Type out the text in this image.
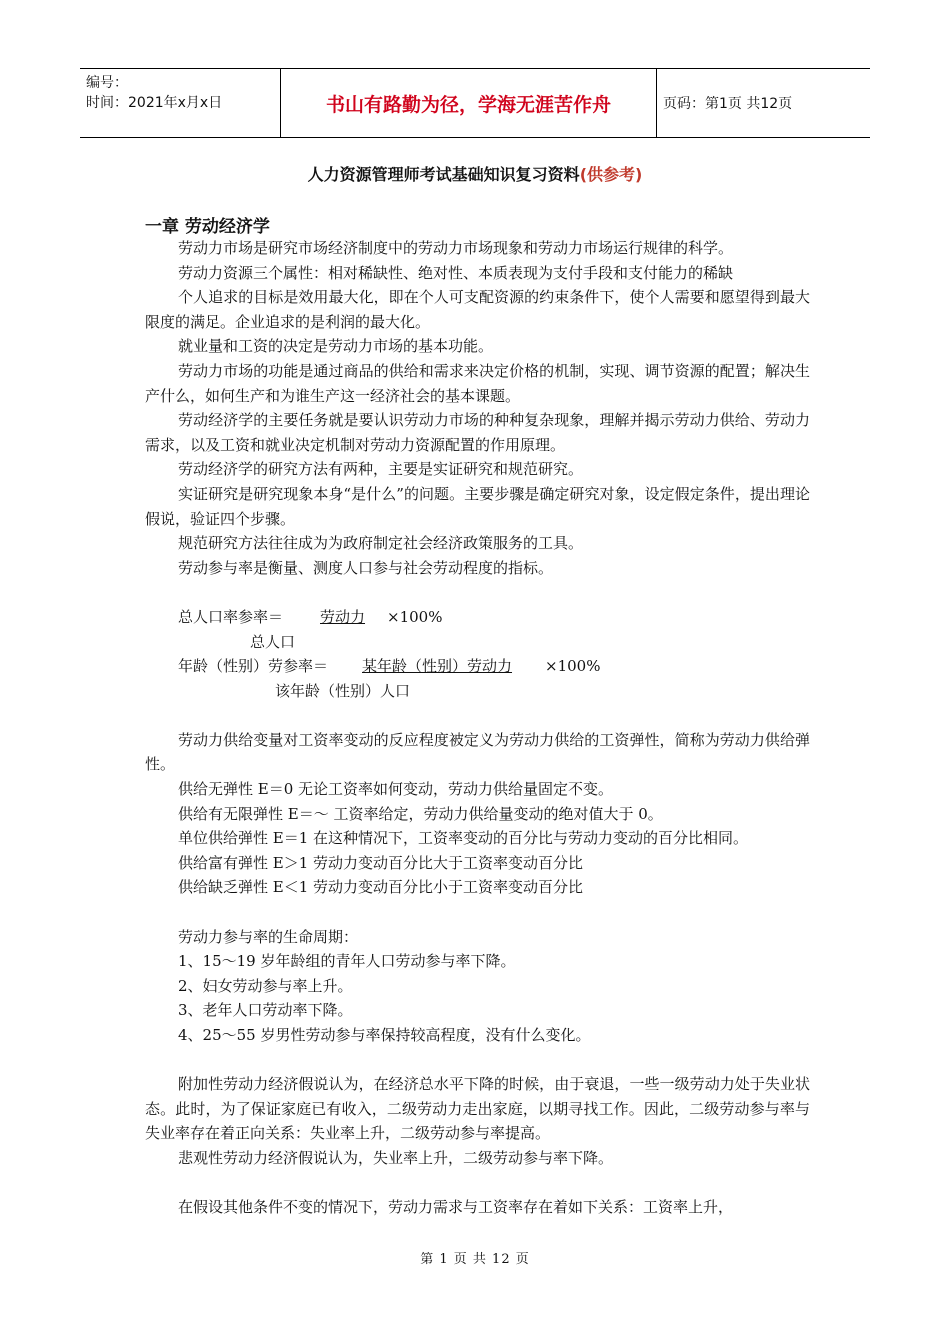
编号：
时间：2021年x月x日	书山有路勤为径，学海无涯苦作舟	页码：第1页 共12页
人力资源管理师考试基础知识复习资料(供参考)
一章 劳动经济学
劳动力市场是研究市场经济制度中的劳动力市场现象和劳动力市场运行规律的科学。
劳动力资源三个属性：相对稀缺性、绝对性、本质表现为支付手段和支付能力的稀缺
个人追求的目标是效用最大化，即在个人可支配资源的约束条件下，使个人需要和愿望得到最大限度的满足。企业追求的是利润的最大化。
就业量和工资的决定是劳动力市场的基本功能。
劳动力市场的功能是通过商品的供给和需求来决定价格的机制，实现、调节资源的配置；解决生产什么，如何生产和为谁生产这一经济社会的基本课题。
劳动经济学的主要任务就是要认识劳动力市场的种种复杂现象，理解并揭示劳动力供给、劳动力需求，以及工资和就业决定机制对劳动力资源配置的作用原理。
劳动经济学的研究方法有两种，主要是实证研究和规范研究。
实证研究是研究现象本身“是什么”的问题。主要步骤是确定研究对象，设定假定条件，提出理论假说，验证四个步骤。
规范研究方法往往成为为政府制定社会经济政策服务的工具。
劳动参与率是衡量、测度人口参与社会劳动程度的指标。
总人口率参率＝ 劳动力 ×100%
总人口
年龄（性别）劳参率＝ 某年龄（性别）劳动力 ×100%
该年龄（性别）人口
劳动力供给变量对工资率变动的反应程度被定义为劳动力供给的工资弹性，简称为劳动力供给弹性。
供给无弹性 E＝0 无论工资率如何变动，劳动力供给量固定不变。
供给有无限弹性 E＝～ 工资率给定，劳动力供给量变动的绝对值大于 0。
单位供给弹性 E＝1 在这种情况下，工资率变动的百分比与劳动力变动的百分比相同。
供给富有弹性 E＞1 劳动力变动百分比大于工资率变动百分比
供给缺乏弹性 E＜1 劳动力变动百分比小于工资率变动百分比
劳动力参与率的生命周期：
1、15～19 岁年龄组的青年人口劳动参与率下降。
2、妇女劳动参与率上升。
3、老年人口劳动率下降。
4、25～55 岁男性劳动参与率保持较高程度，没有什么变化。
附加性劳动力经济假说认为，在经济总水平下降的时候，由于衰退，一些一级劳动力处于失业状态。此时，为了保证家庭已有收入，二级劳动力走出家庭，以期寻找工作。因此，二级劳动参与率与失业率存在着正向关系：失业率上升，二级劳动参与率提高。
悲观性劳动力经济假说认为，失业率上升，二级劳动参与率下降。
在假设其他条件不变的情况下，劳动力需求与工资率存在着如下关系：工资率上升，
第 1 页 共 12 页
